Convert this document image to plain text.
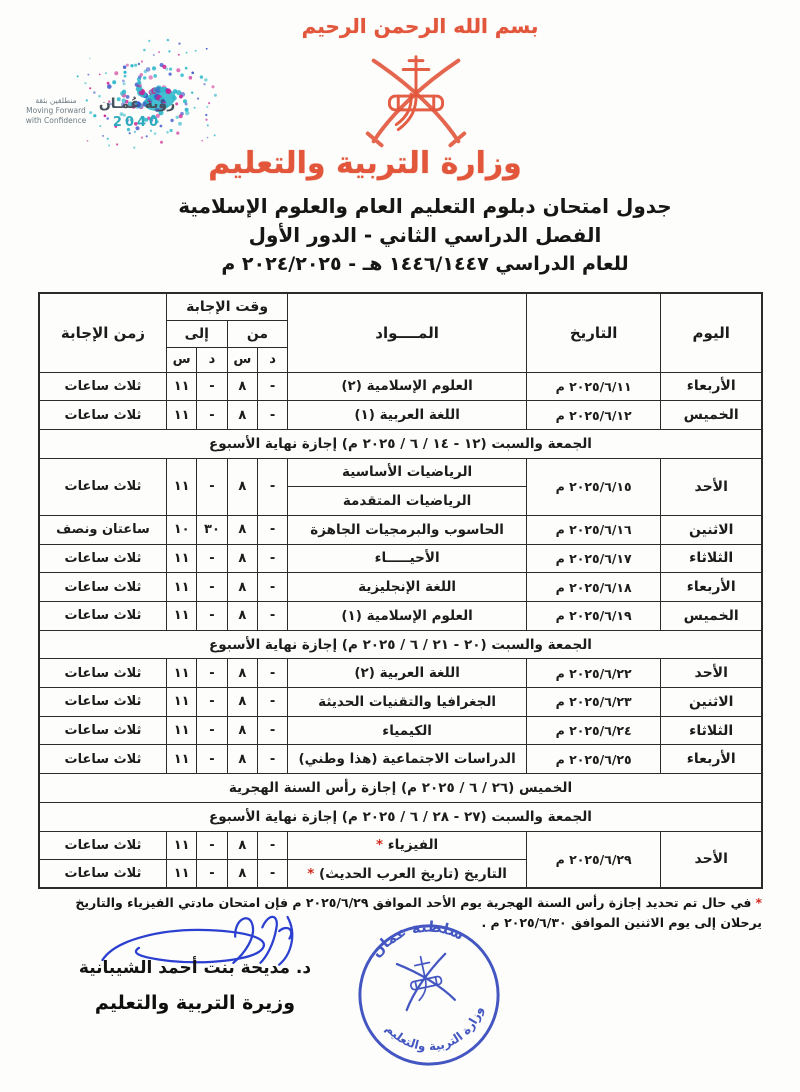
بسم الله الرحمن الرحيم
رؤية عُمـان
2040
منطلقين بثقة
Moving Forward
with Confidence
وزارة التربية والتعليم
جدول امتحان دبلوم التعليم العام والعلوم الإسلامية
الفصل الدراسي الثاني - الدور الأول
للعام الدراسي ١٤٤٦/١٤٤٧ هـ - ٢٠٢٤/٢٠٢٥ م
اليوم	التاريخ	المــــواد	وقت الإجابة				زمن الإجابة
			من		إلى		
			د	س	د	س	
الأربعاء	٢٠٢٥/٦/١١ م	العلوم الإسلامية (٢)	-	٨	-	١١	ثلاث ساعات
الخميس	٢٠٢٥/٦/١٢ م	اللغة العربية (١)	-	٨	-	١١	ثلاث ساعات
الجمعة والسبت (١٢ - ١٤ / ٦ / ٢٠٢٥ م) إجازة نهاية الأسبوع							
الأحد	٢٠٢٥/٦/١٥ م	الرياضيات الأساسية	-	٨	-	١١	ثلاث ساعات
		الرياضيات المتقدمة					
الاثنين	٢٠٢٥/٦/١٦ م	الحاسوب والبرمجيات الجاهزة	-	٨	٣٠	١٠	ساعتان ونصف
الثلاثاء	٢٠٢٥/٦/١٧ م	الأحيـــــاء	-	٨	-	١١	ثلاث ساعات
الأربعاء	٢٠٢٥/٦/١٨ م	اللغة الإنجليزية	-	٨	-	١١	ثلاث ساعات
الخميس	٢٠٢٥/٦/١٩ م	العلوم الإسلامية (١)	-	٨	-	١١	ثلاث ساعات
الجمعة والسبت (٢٠ - ٢١ / ٦ / ٢٠٢٥ م) إجازة نهاية الأسبوع							
الأحد	٢٠٢٥/٦/٢٢ م	اللغة العربية (٢)	-	٨	-	١١	ثلاث ساعات
الاثنين	٢٠٢٥/٦/٢٣ م	الجغرافيا والتقنيات الحديثة	-	٨	-	١١	ثلاث ساعات
الثلاثاء	٢٠٢٥/٦/٢٤ م	الكيمياء	-	٨	-	١١	ثلاث ساعات
الأربعاء	٢٠٢٥/٦/٢٥ م	الدراسات الاجتماعية (هذا وطني)	-	٨	-	١١	ثلاث ساعات
الخميس (٢٦ / ٦ / ٢٠٢٥ م) إجازة رأس السنة الهجرية							
الجمعة والسبت (٢٧ - ٢٨ / ٦ / ٢٠٢٥ م) إجازة نهاية الأسبوع							
الأحد	٢٠٢٥/٦/٢٩ م	الفيزياء *	-	٨	-	١١	ثلاث ساعات
		التاريخ (تاريخ العرب الحديث) *	-	٨	-	١١	ثلاث ساعات
*في حال تم تحديد إجازة رأس السنة الهجرية يوم الأحد الموافق ٢٠٢٥/٦/٢٩ م فإن امتحان مادتي الفيزياء والتاريخ يرحلان إلى يوم الاثنين الموافق ٢٠٢٥/٦/٣٠ م .
د. مديحة بنت أحمد الشيبانية
وزيرة التربية والتعليم
سلطنة عمان
وزارة التربية والتعليم
